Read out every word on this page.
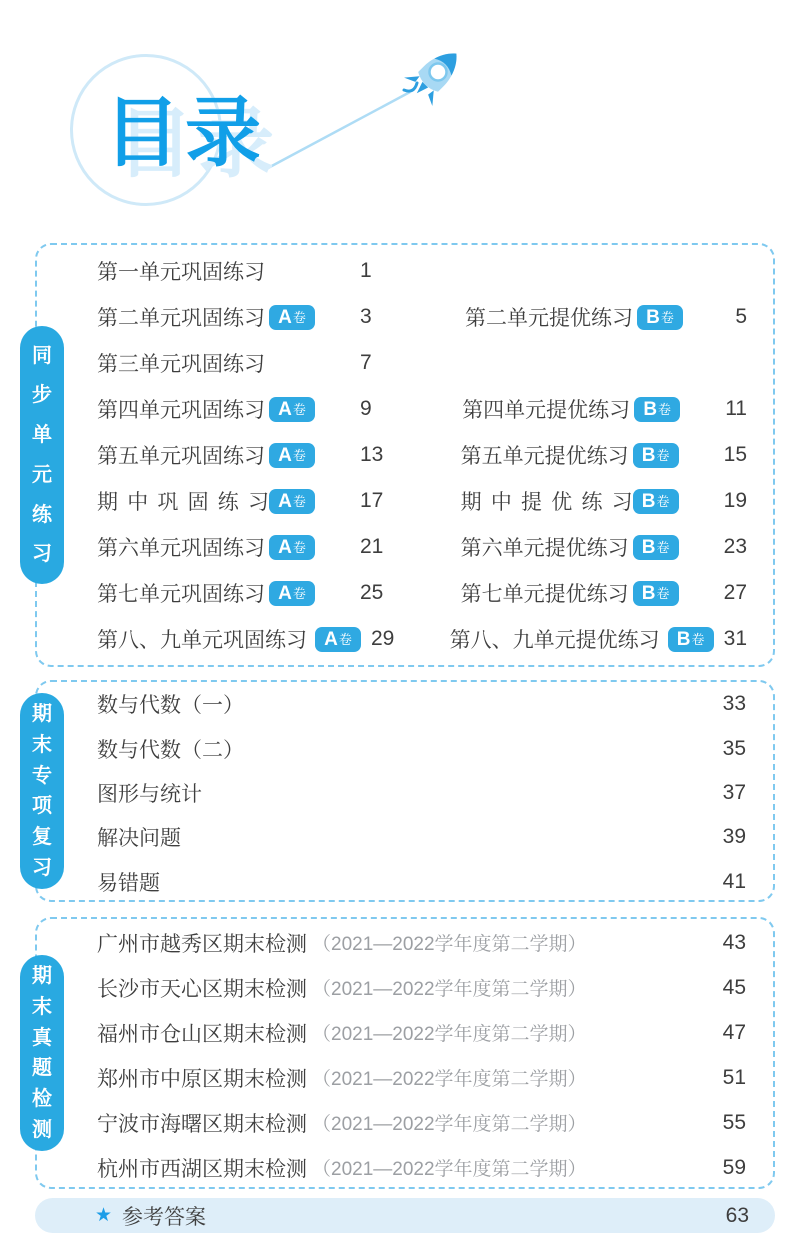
目录
同
步
单
元
练
习
第一单元巩固练习	1
第二单元巩固练习 A 卷	3	第二单元提优练习 B 卷	5
第三单元巩固练习	7
第四单元巩固练习 A 卷	9	第四单元提优练习 B 卷	11
第五单元巩固练习 A 卷	13	第五单元提优练习 B 卷	15
期中巩固练习 A 卷	17	期中提优练习 B 卷	19
第六单元巩固练习 A 卷	21	第六单元提优练习 B 卷	23
第七单元巩固练习 A 卷	25	第七单元提优练习 B 卷	27
第八、九单元巩固练习 A 卷 29	第八、九单元提优练习 B 卷 31
期
末
专
项
复
习
数与代数（一）	33
数与代数（二）	35
图形与统计	37
解决问题	39
易错题	41
期
末
真
题
检
测
广州市越秀区期末检测 （2021—2022学年度第二学期）	43
长沙市天心区期末检测 （2021—2022学年度第二学期）	45
福州市仓山区期末检测 （2021—2022学年度第二学期）	47
郑州市中原区期末检测 （2021—2022学年度第二学期）	51
宁波市海曙区期末检测 （2021—2022学年度第二学期）	55
杭州市西湖区期末检测 （2021—2022学年度第二学期）	59
★ 参考答案	63
